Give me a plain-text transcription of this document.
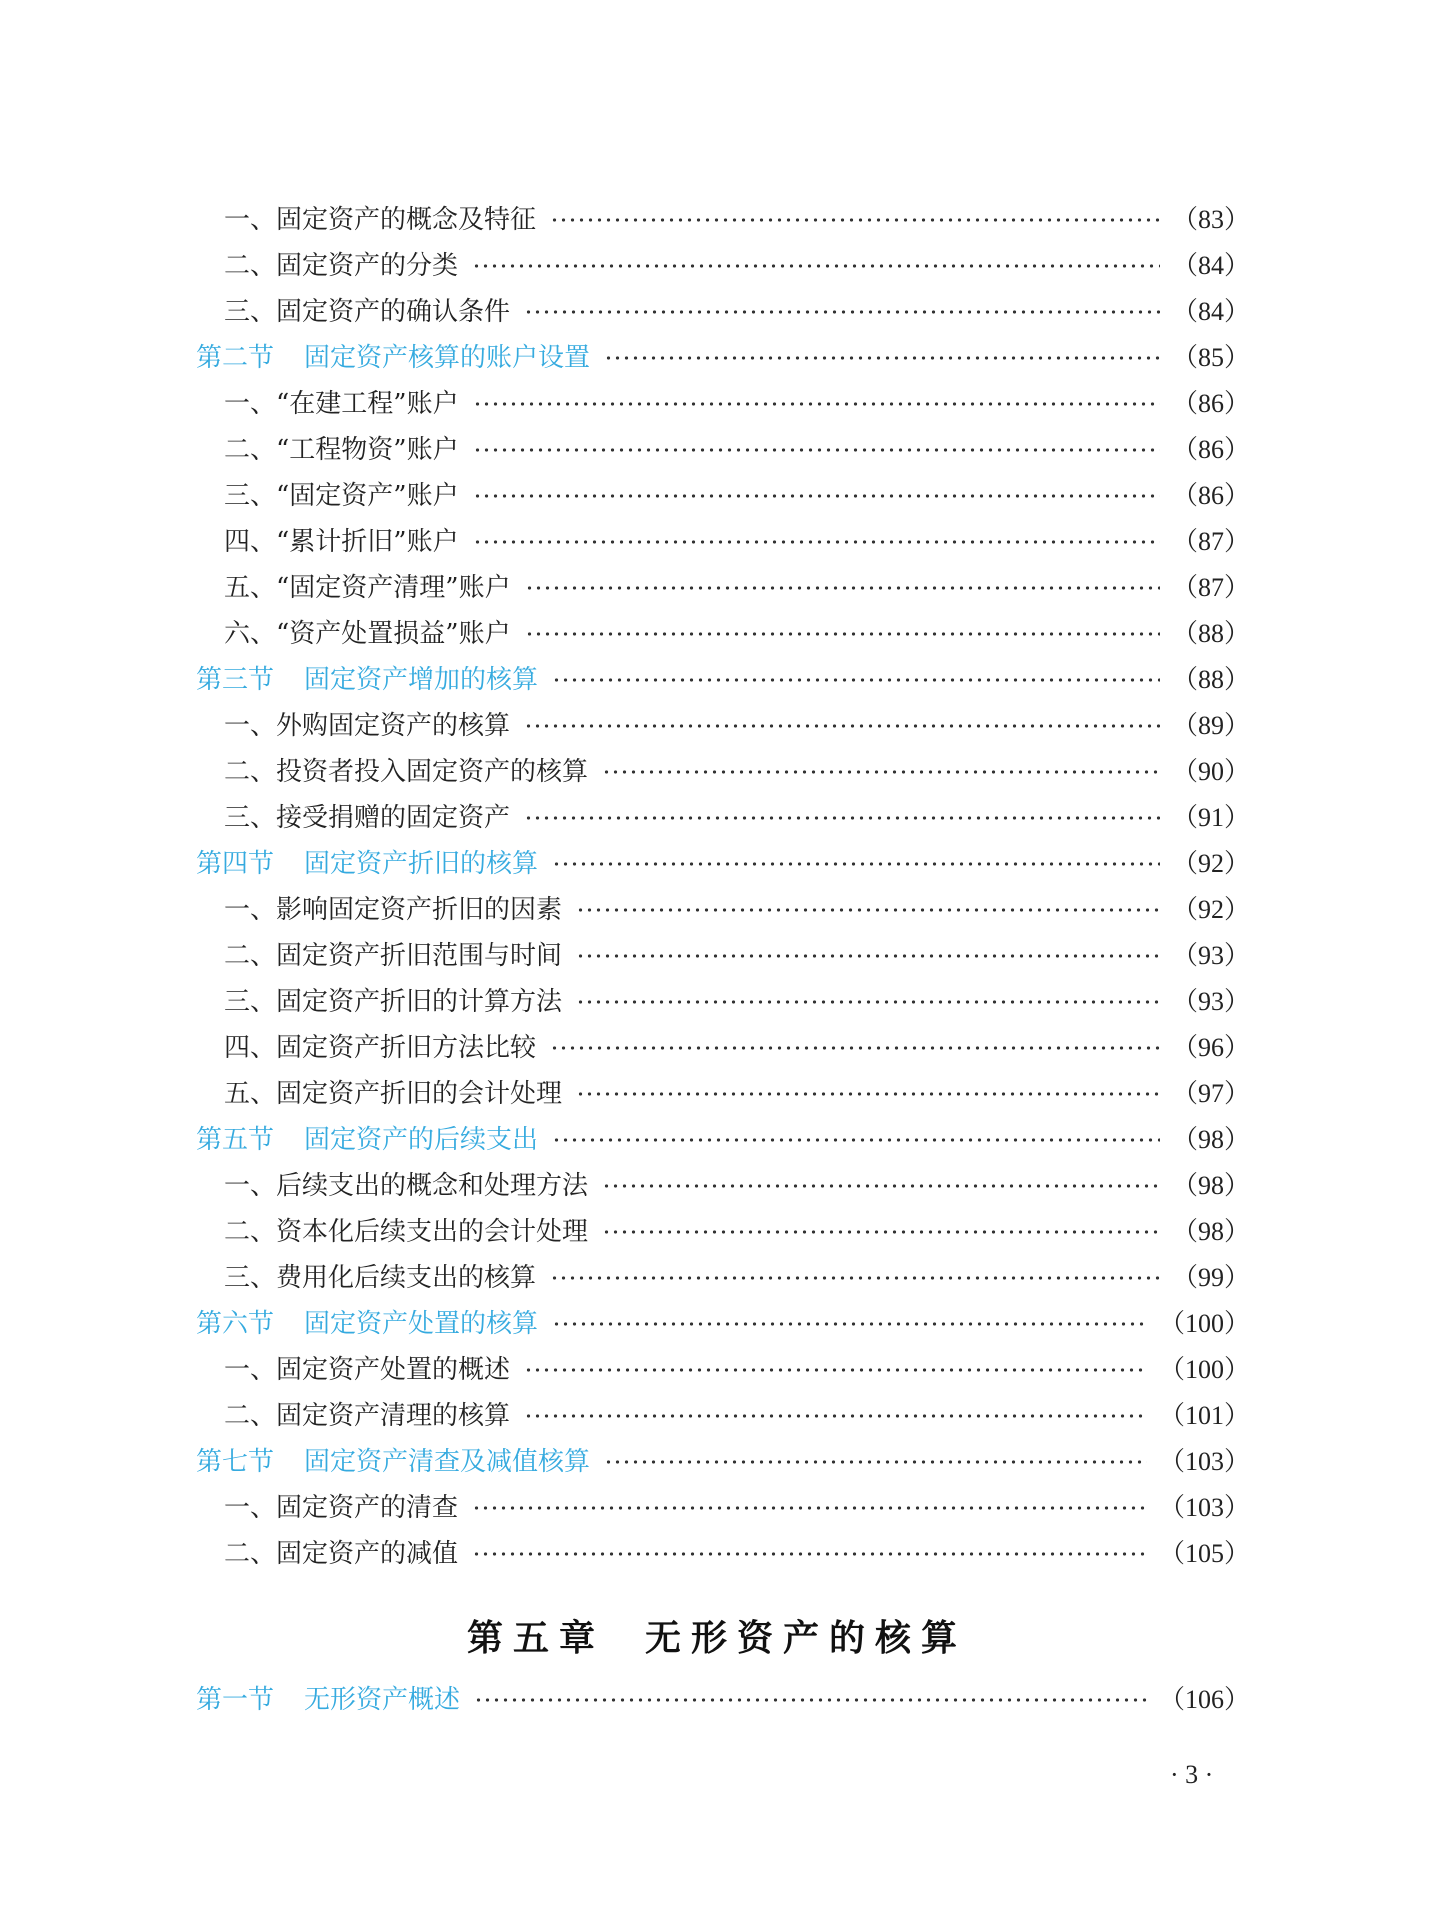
一、固定资产的概念及特征	（83）
二、固定资产的分类	（84）
三、固定资产的确认条件	（84）
第二节 固定资产核算的账户设置	（85）
一、“在建工程”账户	（86）
二、“工程物资”账户	（86）
三、“固定资产”账户	（86）
四、“累计折旧”账户	（87）
五、“固定资产清理”账户	（87）
六、“资产处置损益”账户	（88）
第三节 固定资产增加的核算	（88）
一、外购固定资产的核算	（89）
二、投资者投入固定资产的核算	（90）
三、接受捐赠的固定资产	（91）
第四节 固定资产折旧的核算	（92）
一、影响固定资产折旧的因素	（92）
二、固定资产折旧范围与时间	（93）
三、固定资产折旧的计算方法	（93）
四、固定资产折旧方法比较	（96）
五、固定资产折旧的会计处理	（97）
第五节 固定资产的后续支出	（98）
一、后续支出的概念和处理方法	（98）
二、资本化后续支出的会计处理	（98）
三、费用化后续支出的核算	（99）
第六节 固定资产处置的核算	（100）
一、固定资产处置的概述	（100）
二、固定资产清理的核算	（101）
第七节 固定资产清查及减值核算	（103）
一、固定资产的清查	（103）
二、固定资产的减值	（105）
第五章 无形资产的核算
第一节 无形资产概述	（106）
· 3 ·
